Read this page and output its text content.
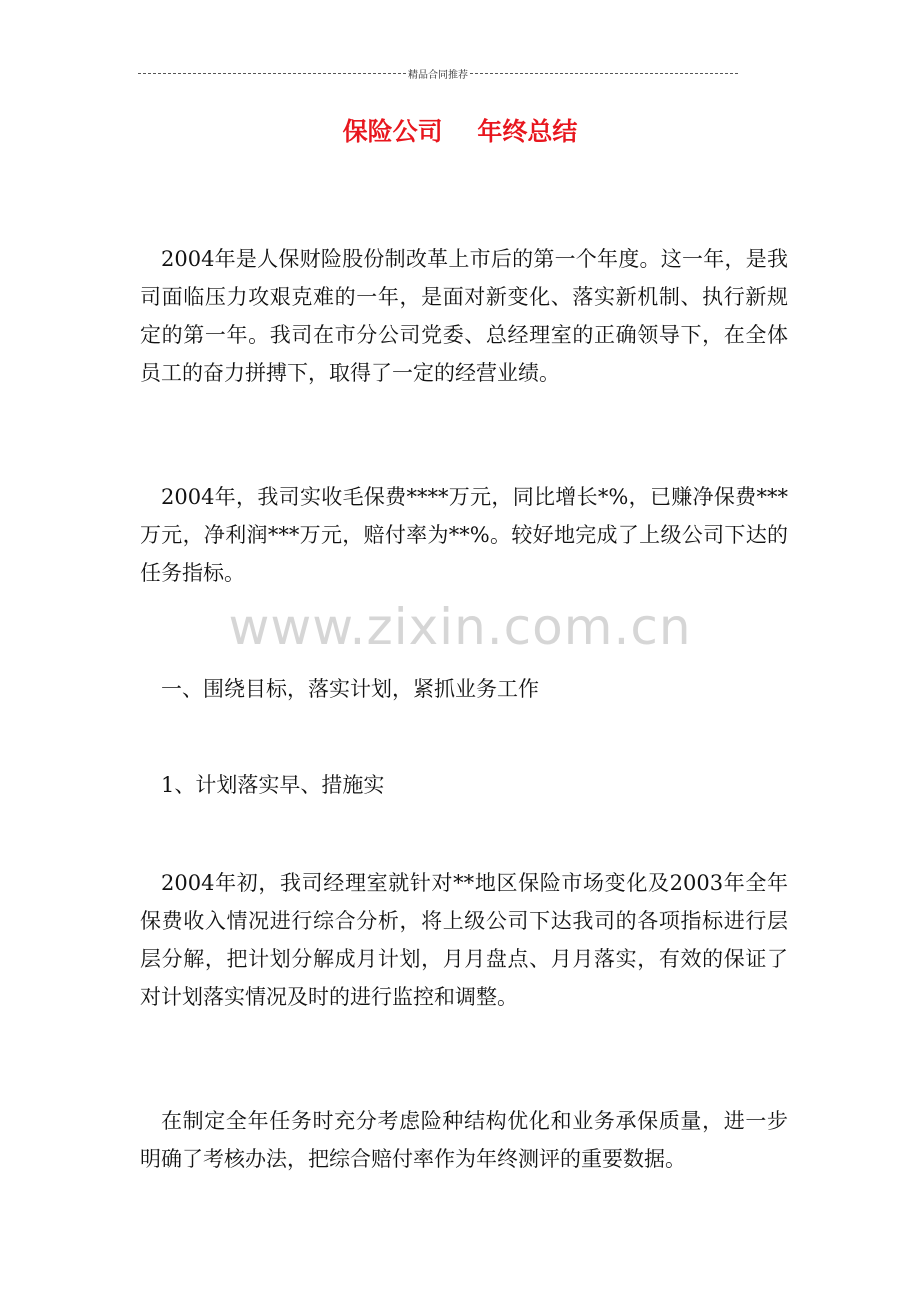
精品合同推荐
保险公司    年终总结

2004年是人保财险股份制改革上市后的第一个年度。这一年，是我司面临压力攻艰克难的一年，是面对新变化、落实新机制、执行新规定的第一年。我司在市分公司党委、总经理室的正确领导下，在全体员工的奋力拼搏下，取得了一定的经营业绩。

2004年，我司实收毛保费****万元，同比增长*%，已赚净保费***万元，净利润***万元，赔付率为**%。较好地完成了上级公司下达的任务指标。

www.zixin.com.cn

一、围绕目标，落实计划，紧抓业务工作

1、计划落实早、措施实

2004年初，我司经理室就针对**地区保险市场变化及2003年全年保费收入情况进行综合分析，将上级公司下达我司的各项指标进行层层分解，把计划分解成月计划，月月盘点、月月落实，有效的保证了对计划落实情况及时的进行监控和调整。

在制定全年任务时充分考虑险种结构优化和业务承保质量，进一步明确了考核办法，把综合赔付率作为年终测评的重要数据。
